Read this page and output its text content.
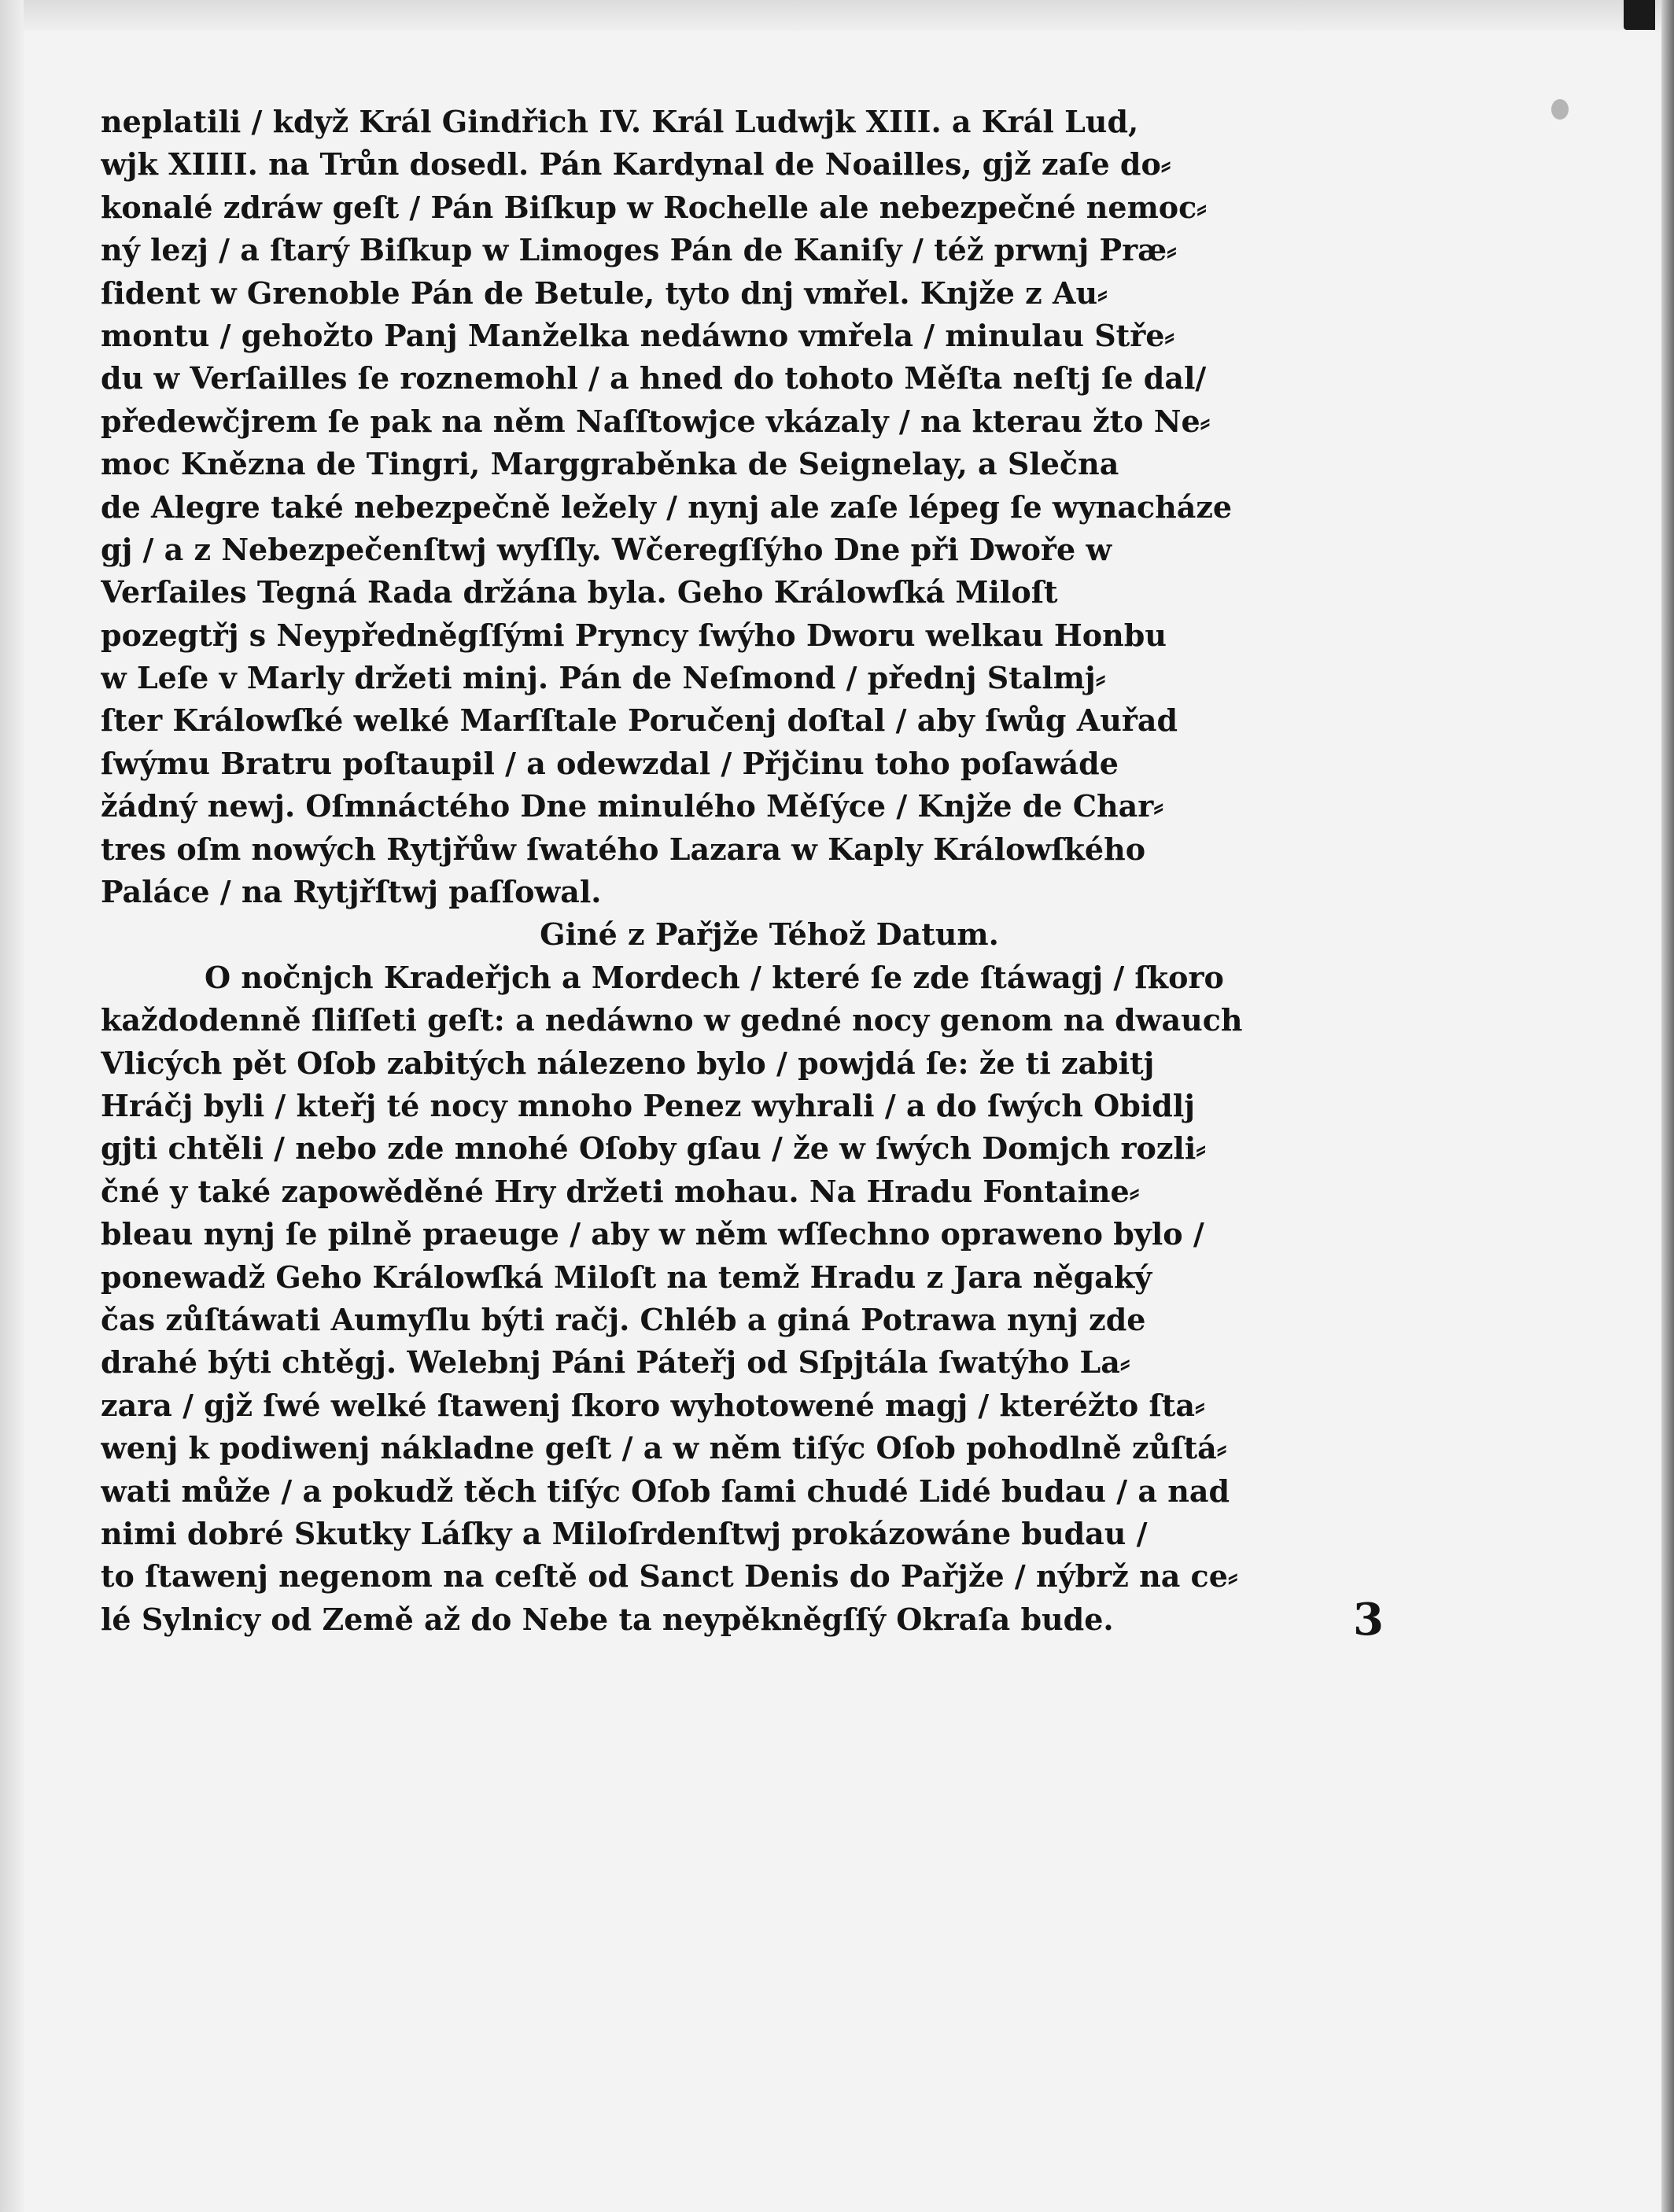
neplatili / když Král Gindřich IV. Král Ludwjk XIII. a Král Lud,
wjk XIIII. na Trůn dosedl. Pán Kardynal de Noailles, gjž zaſe do⸗
konalé zdráw geſt / Pán Biſkup w Rochelle ale nebezpečné nemoc⸗
ný lezj / a ſtarý Biſkup w Limoges Pán de Kaniſy / též prwnj Præ⸗
ſident w Grenoble Pán de Betule, tyto dnj vmřel. Knjže z Au⸗
montu / gehožto Panj Manželka nedáwno vmřela / minulau Stře⸗
du w Verſailles ſe roznemohl / a hned do tohoto Měſta neſtj ſe dal/
předewčjrem ſe pak na něm Naſſtowjce vkázaly / na kterau žto Ne⸗
moc Knězna de Tingri, Marggraběnka de Seignelay, a Slečna
de Alegre také nebezpečně ležely / nynj ale zaſe lépeg ſe wynacháze
gj / a z Nebezpečenſtwj wyſſly. Wčeregſſýho Dne při Dwoře w
Verſailes Tegná Rada držána byla. Geho Králowſká Miloſt
pozegtřj s Neypředněgſſými Pryncy ſwýho Dworu welkau Honbu
w Leſe v Marly držeti minj. Pán de Neſmond / přednj Stalmj⸗
ſter Králowſké welké Marſſtale Poručenj doſtal / aby ſwůg Auřad
ſwýmu Bratru poſtaupil / a odewzdal / Přjčinu toho poſawáde
žádný newj. Oſmnáctého Dne minulého Měſýce / Knjže de Char⸗
tres oſm nowých Rytjřůw ſwatého Lazara w Kaply Králowſkého
Paláce / na Rytjřſtwj paſſowal.
Giné z Pařjže Téhož Datum.
O nočnjch Kradeřjch a Mordech / které ſe zde ſtáwagj / ſkoro
každodenně ſliſſeti geſt: a nedáwno w gedné nocy genom na dwauch
Vlicých pět Oſob zabitých nálezeno bylo / powjdá ſe: že ti zabitj
Hráčj byli / kteřj té nocy mnoho Penez wyhrali / a do ſwých Obidlj
gjti chtěli / nebo zde mnohé Oſoby gſau / že w ſwých Domjch rozli⸗
čné y také zapowěděné Hry držeti mohau. Na Hradu Fontaine⸗
bleau nynj ſe pilně praeuge / aby w něm wſſechno opraweno bylo /
ponewadž Geho Králowſká Miloſt na temž Hradu z Jara něgaký
čas zůſtáwati Aumyſlu býti račj. Chléb a giná Potrawa nynj zde
drahé býti chtěgj. Welebnj Páni Páteřj od Sſpjtála ſwatýho La⸗
zara / gjž ſwé welké ſtawenj ſkoro wyhotowené magj / kteréžto ſta⸗
wenj k podiwenj nákladne geſt / a w něm tiſýc Oſob pohodlně zůſtá⸗
wati může / a pokudž těch tiſýc Oſob ſami chudé Lidé budau / a nad
nimi dobré Skutky Láſky a Miloſrdenſtwj prokázowáne budau /
to ſtawenj negenom na ceſtě od Sanct Denis do Pařjže / nýbrž na ce⸗
lé Sylnicy od Země až do Nebe ta neypěkněgſſý Okraſa bude.	3
